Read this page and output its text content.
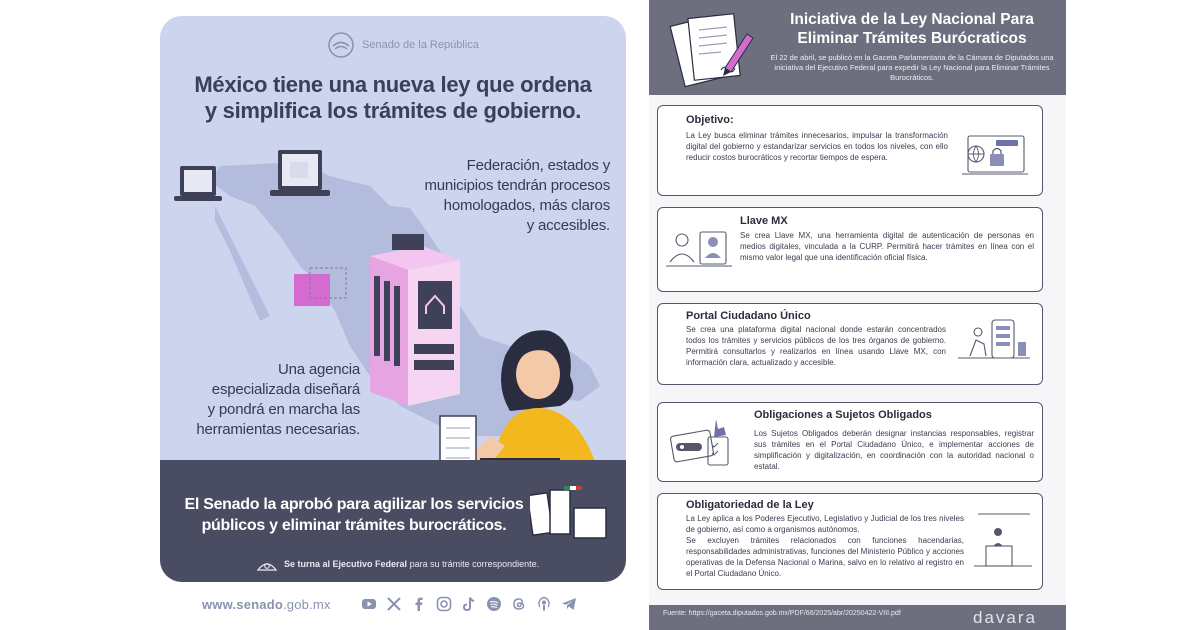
Senado de la República
México tiene una nueva ley que ordena
y simplifica los trámites de gobierno.
Federación, estados y
municipios tendrán procesos
homologados, más claros
y accesibles.
Una agencia
especializada diseñará
y pondrá en marcha las
herramientas necesarias.
El Senado la aprobó para agilizar los servicios
públicos y eliminar trámites burocráticos.
Se turna al Ejecutivo Federal para su trámite correspondiente.
www.senado.gob.mx
Iniciativa de la Ley Nacional Para
Eliminar Trámites Burócraticos
El 22 de abril, se publicó en la Gaceta Parlamentaria de la Cámara de Diputados una iniciativa del Ejecutivo Federal para expedir la Ley Nacional para Eliminar Trámites Burocráticos.
Objetivo:

La Ley busca eliminar trámites innecesarios, impulsar la transformación digital del gobierno y estandarizar servicios en todos los niveles, con ello reducir costos burocráticos y recortar tiempos de espera.

Llave MX

Se crea Llave MX, una herramienta digital de autenticación de personas en medios digitales, vinculada a la CURP. Permitirá hacer trámites en línea con el mismo valor legal que una identificación oficial física.

Portal Ciudadano Único

Se crea una plataforma digital nacional donde estarán concentrados todos los trámites y servicios públicos de los tres órganos de gobierno. Permitirá consultarlos y realizarlos en línea usando Llave MX, con información clara, actualizado y accesible.

Obligaciones a Sujetos Obligados

Los Sujetos Obligados deberán designar instancias responsables, registrar sus trámites en el Portal Ciudadano Único, e implementar acciones de simplificación y digitalización, en coordinación con la autoridad nacional o estatal.

Obligatoriedad de la Ley

La Ley aplica a los Poderes Ejecutivo, Legislativo y Judicial de los tres niveles de gobierno, así como a organismos autónomos.

Se excluyen trámites relacionados con funciones hacendarias, responsabilidades administrativas, funciones del Ministerio Público y acciones operativas de la Defensa Nacional o Marina, salvo en lo relativo al registro en el Portal Ciudadano Único.

Fuente: https://gaceta.diputados.gob.mx/PDF/66/2025/abr/20250422-VIII.pdf	davara
